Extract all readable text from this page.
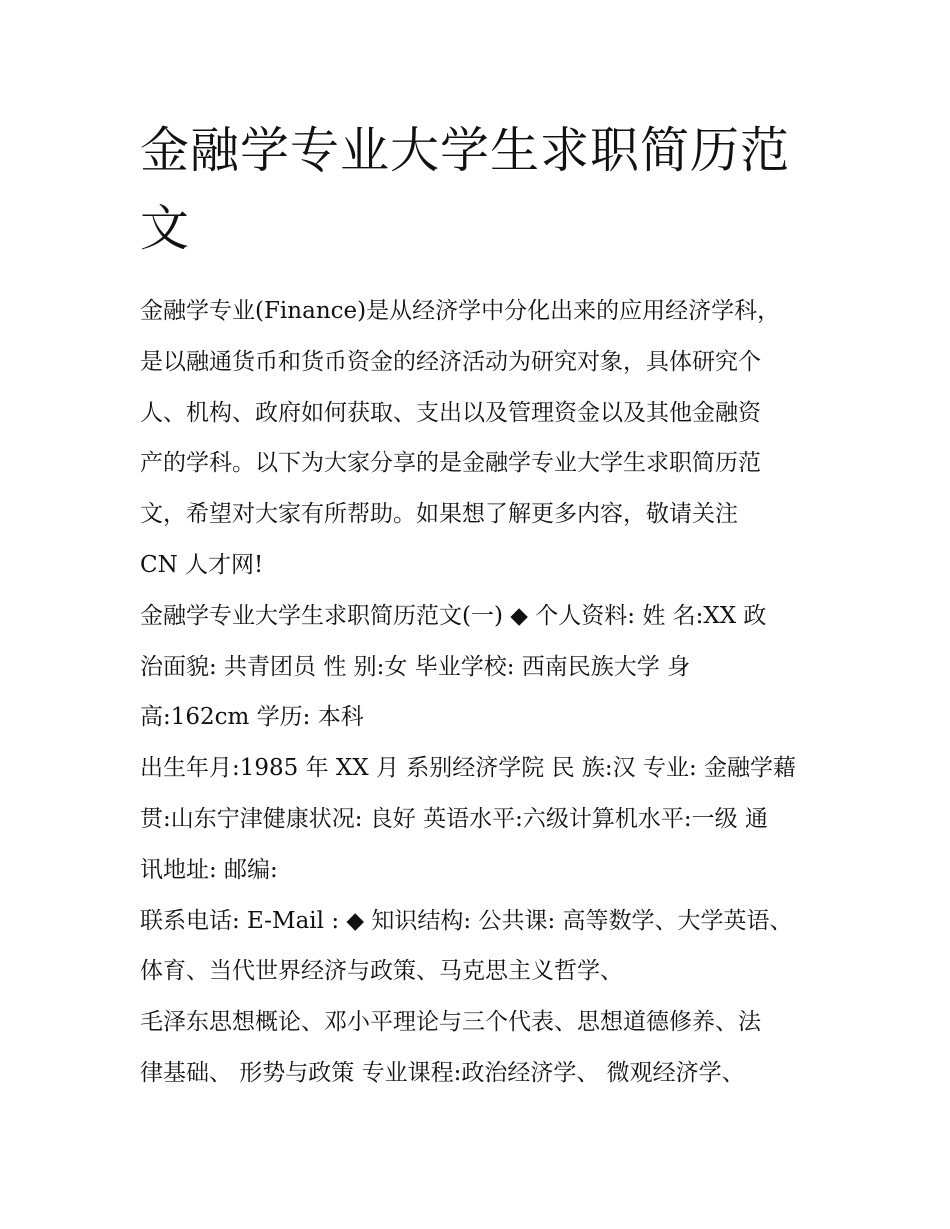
金融学专业大学生求职简历范
文
金融学专业(Finance)是从经济学中分化出来的应用经济学科，
是以融通货币和货币资金的经济活动为研究对象，具体研究个
人、机构、政府如何获取、支出以及管理资金以及其他金融资
产的学科。以下为大家分享的是金融学专业大学生求职简历范
文，希望对大家有所帮助。如果想了解更多内容，敬请关注
CN 人才网!
金融学专业大学生求职简历范文(一) ◆ 个人资料: 姓 名:XX 政
治面貌: 共青团员 性 别:女 毕业学校: 西南民族大学 身
高:162cm 学历: 本科
出生年月:1985 年 XX 月 系别经济学院 民 族:汉 专业: 金融学藉
贯:山东宁津健康状况: 良好 英语水平:六级计算机水平:一级 通
讯地址: 邮编:
联系电话: E-Mail : ◆ 知识结构: 公共课: 高等数学、大学英语、
体育、当代世界经济与政策、马克思主义哲学、
毛泽东思想概论、邓小平理论与三个代表、思想道德修养、法
律基础、 形势与政策 专业课程:政治经济学、 微观经济学、
